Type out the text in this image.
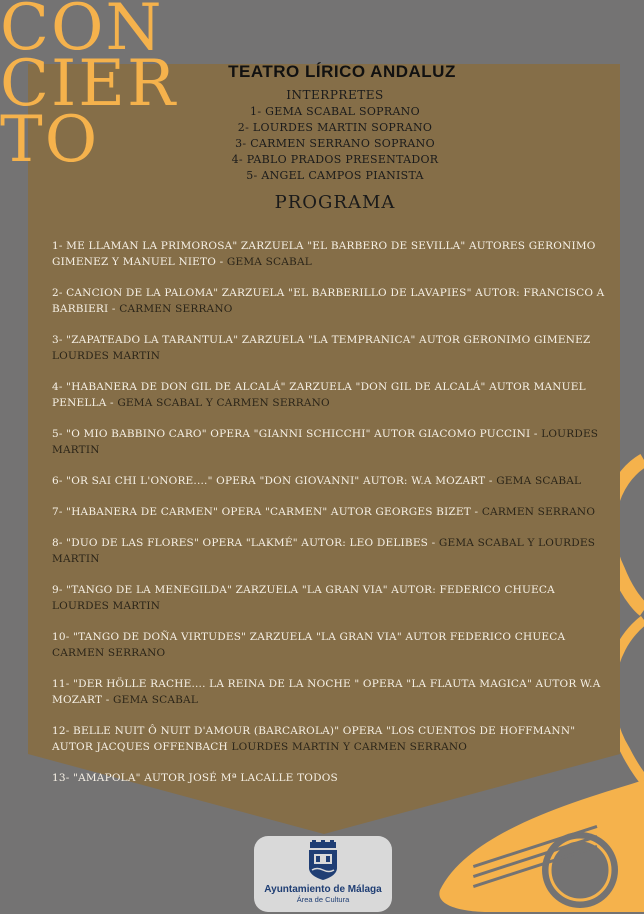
CON
CIER
TO
TEATRO LÍRICO ANDALUZ
INTERPRETES
1- GEMA SCABAL SOPRANO
2- LOURDES MARTIN SOPRANO
3- CARMEN SERRANO SOPRANO
4- PABLO PRADOS PRESENTADOR
5- ANGEL CAMPOS PIANISTA
PROGRAMA
1- ME LLAMAN LA PRIMOROSA" ZARZUELA "EL BARBERO DE SEVILLA" AUTORES GERONIMO GIMENEZ Y MANUEL NIETO - GEMA SCABAL
2- CANCION DE LA PALOMA" ZARZUELA "EL BARBERILLO DE LAVAPIES" AUTOR: FRANCISCO A BARBIERI - CARMEN SERRANO
3- "ZAPATEADO LA TARANTULA" ZARZUELA "LA TEMPRANICA" AUTOR GERONIMO GIMENEZ LOURDES MARTIN
4- "HABANERA DE DON GIL DE ALCALÁ" ZARZUELA "DON GIL DE ALCALÁ" AUTOR MANUEL PENELLA - GEMA SCABAL Y CARMEN SERRANO
5- "O MIO BABBINO CARO" OPERA "GIANNI SCHICCHI" AUTOR GIACOMO PUCCINI - LOURDES MARTIN
6- "OR SAI CHI L'ONORE...." OPERA "DON GIOVANNI" AUTOR: W.A MOZART - GEMA SCABAL
7- "HABANERA DE CARMEN" OPERA "CARMEN" AUTOR GEORGES BIZET - CARMEN SERRANO
8- "DUO DE LAS FLORES" OPERA "LAKMÉ" AUTOR: LEO DELIBES - GEMA SCABAL Y LOURDES MARTIN
9- "TANGO DE LA MENEGILDA" ZARZUELA "LA GRAN VIA" AUTOR: FEDERICO CHUECA LOURDES MARTIN
10- "TANGO DE DOÑA VIRTUDES" ZARZUELA "LA GRAN VIA" AUTOR FEDERICO CHUECA CARMEN SERRANO
11- "DER HÖLLE RACHE.... LA REINA DE LA NOCHE " OPERA "LA FLAUTA MAGICA" AUTOR W.A MOZART - GEMA SCABAL
12- BELLE NUIT Ô NUIT D'AMOUR (BARCAROLA)" OPERA "LOS CUENTOS DE HOFFMANN" AUTOR JACQUES OFFENBACH LOURDES MARTIN Y CARMEN SERRANO
13- "AMAPOLA" AUTOR JOSÉ Mª LACALLE TODOS
Ayuntamiento de Málaga
Área de Cultura
